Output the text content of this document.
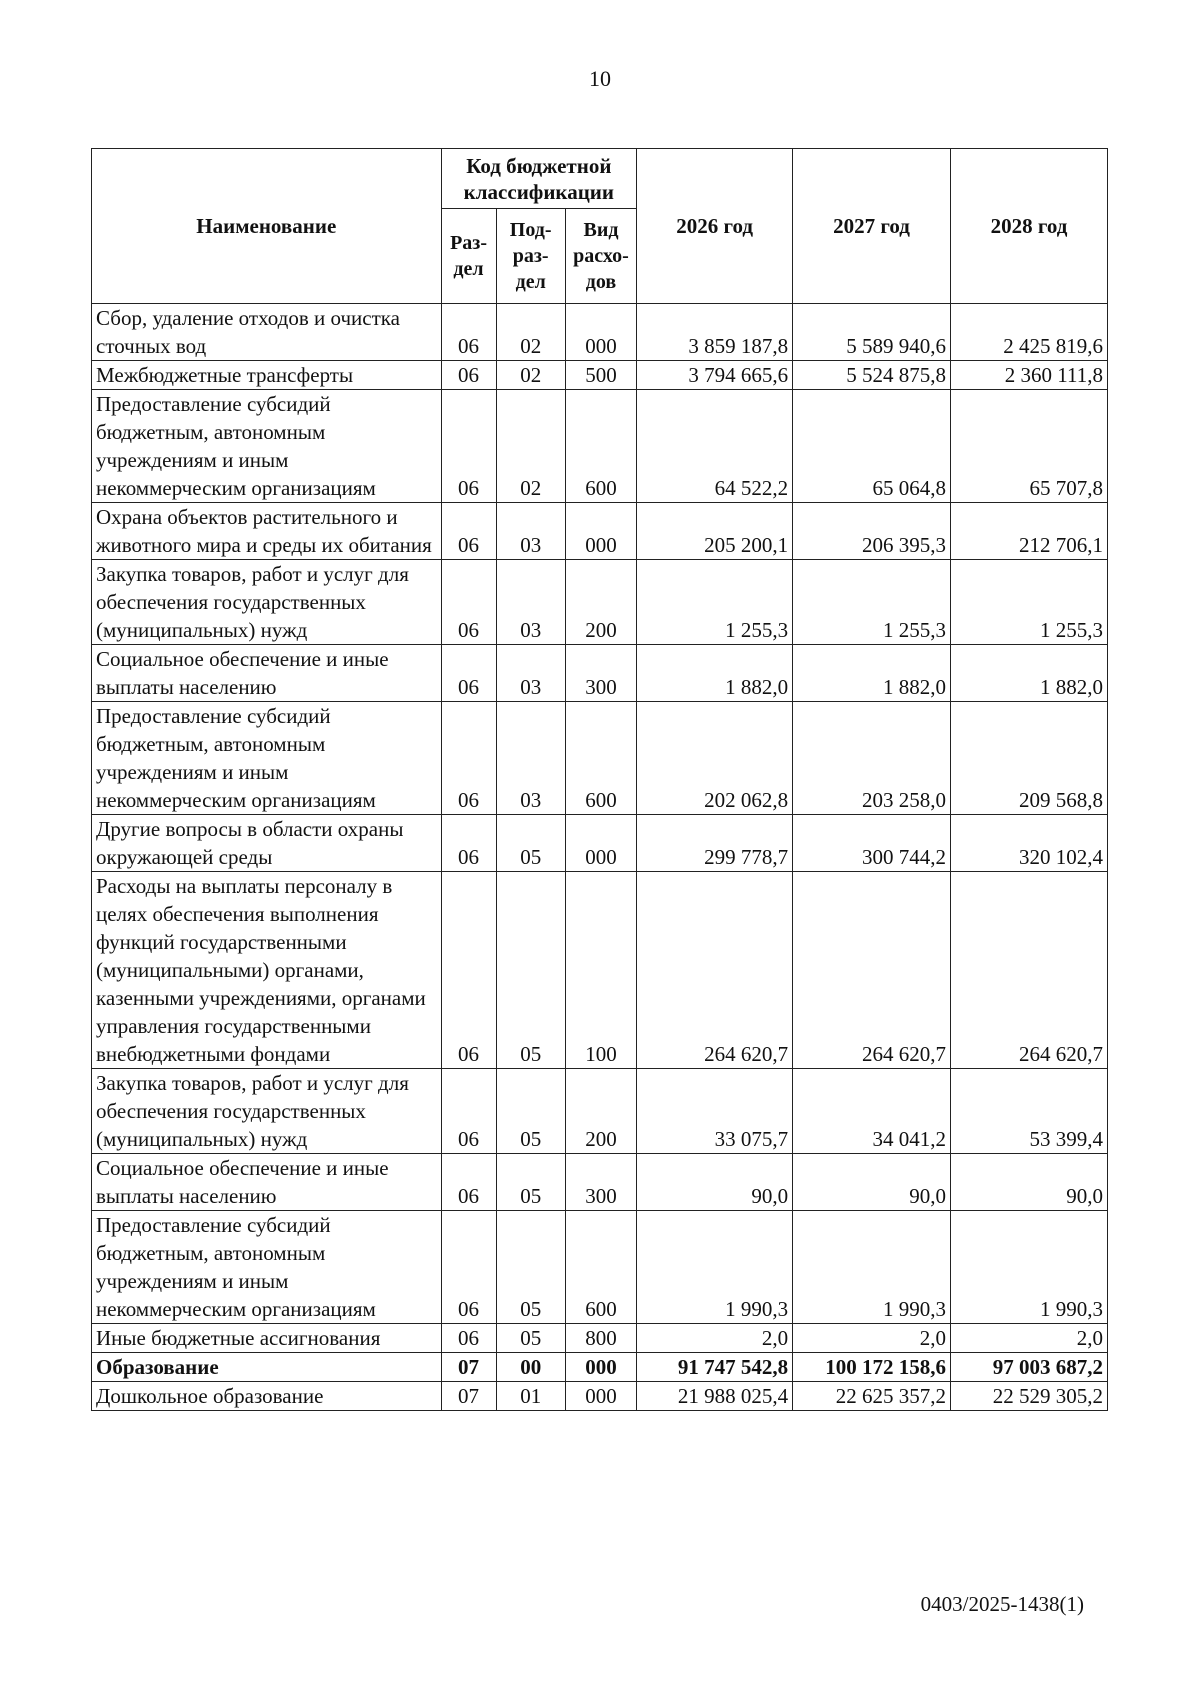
10
Наименование	Код бюджетной классификации			2026 год	2027 год	2028 год
	Раз-дел	Под-раз-дел	Вид расхо-дов			
Сбор, удаление отходов и очистка сточных вод	06	02	000	3 859 187,8	5 589 940,6	2 425 819,6
Межбюджетные трансферты	06	02	500	3 794 665,6	5 524 875,8	2 360 111,8
Предоставление субсидий бюджетным, автономным учреждениям и иным некоммерческим организациям	06	02	600	64 522,2	65 064,8	65 707,8
Охрана объектов растительного и животного мира и среды их обитания	06	03	000	205 200,1	206 395,3	212 706,1
Закупка товаров, работ и услуг для обеспечения государственных (муниципальных) нужд	06	03	200	1 255,3	1 255,3	1 255,3
Социальное обеспечение и иные выплаты населению	06	03	300	1 882,0	1 882,0	1 882,0
Предоставление субсидий бюджетным, автономным учреждениям и иным некоммерческим организациям	06	03	600	202 062,8	203 258,0	209 568,8
Другие вопросы в области охраны окружающей среды	06	05	000	299 778,7	300 744,2	320 102,4
Расходы на выплаты персоналу в целях обеспечения выполнения функций государственными (муниципальными) органами, казенными учреждениями, органами управления государственными внебюджетными фондами	06	05	100	264 620,7	264 620,7	264 620,7
Закупка товаров, работ и услуг для обеспечения государственных (муниципальных) нужд	06	05	200	33 075,7	34 041,2	53 399,4
Социальное обеспечение и иные выплаты населению	06	05	300	90,0	90,0	90,0
Предоставление субсидий бюджетным, автономным учреждениям и иным некоммерческим организациям	06	05	600	1 990,3	1 990,3	1 990,3
Иные бюджетные ассигнования	06	05	800	2,0	2,0	2,0
Образование	07	00	000	91 747 542,8	100 172 158,6	97 003 687,2
Дошкольное образование	07	01	000	21 988 025,4	22 625 357,2	22 529 305,2
0403/2025-1438(1)
